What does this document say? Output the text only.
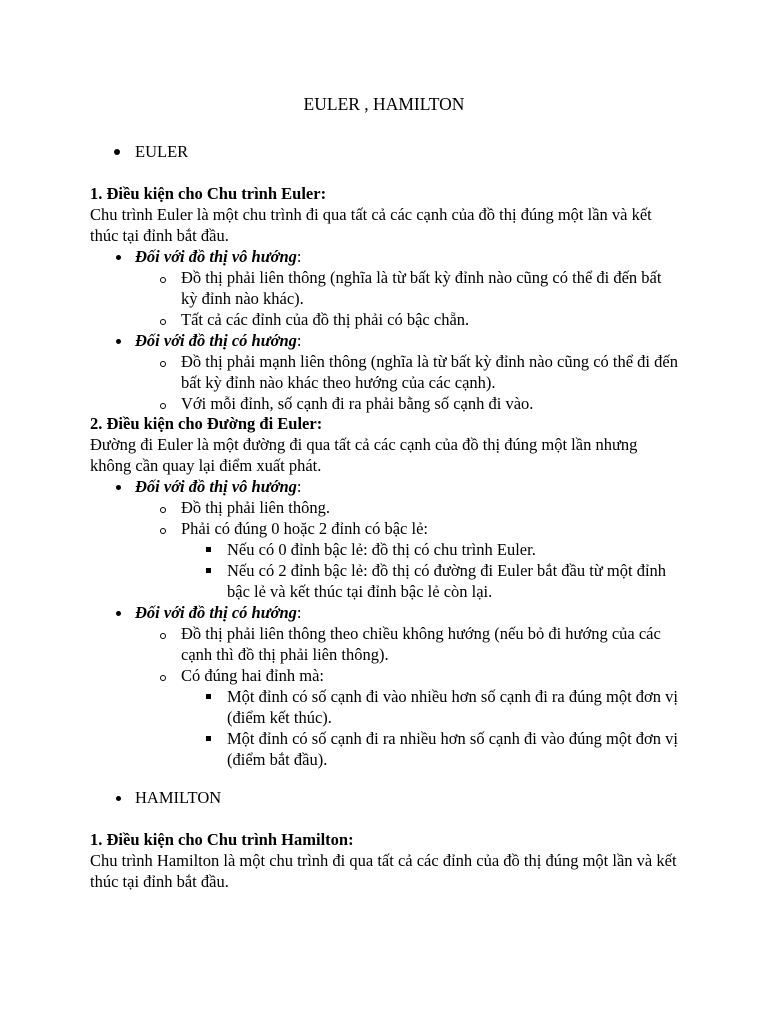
EULER , HAMILTON
EULER
1. Điều kiện cho Chu trình Euler:

Chu trình Euler là một chu trình đi qua tất cả các cạnh của đồ thị đúng một lần và kết thúc tại đỉnh bắt đầu.

Đối với đồ thị vô hướng:
Đồ thị phải liên thông (nghĩa là từ bất kỳ đỉnh nào cũng có thể đi đến bất kỳ đỉnh nào khác).
Tất cả các đỉnh của đồ thị phải có bậc chẵn.
Đối với đồ thị có hướng:
Đồ thị phải mạnh liên thông (nghĩa là từ bất kỳ đỉnh nào cũng có thể đi đến bất kỳ đỉnh nào khác theo hướng của các cạnh).
Với mỗi đỉnh, số cạnh đi ra phải bằng số cạnh đi vào.
2. Điều kiện cho Đường đi Euler:

Đường đi Euler là một đường đi qua tất cả các cạnh của đồ thị đúng một lần nhưng không cần quay lại điểm xuất phát.

Đối với đồ thị vô hướng:
Đồ thị phải liên thông.
Phải có đúng 0 hoặc 2 đỉnh có bậc lẻ:
Nếu có 0 đỉnh bậc lẻ: đồ thị có chu trình Euler.
Nếu có 2 đỉnh bậc lẻ: đồ thị có đường đi Euler bắt đầu từ một đỉnh bậc lẻ và kết thúc tại đỉnh bậc lẻ còn lại.
Đối với đồ thị có hướng:
Đồ thị phải liên thông theo chiều không hướng (nếu bỏ đi hướng của các cạnh thì đồ thị phải liên thông).
Có đúng hai đỉnh mà:
Một đỉnh có số cạnh đi vào nhiều hơn số cạnh đi ra đúng một đơn vị (điểm kết thúc).
Một đỉnh có số cạnh đi ra nhiều hơn số cạnh đi vào đúng một đơn vị (điểm bắt đầu).
HAMILTON
1. Điều kiện cho Chu trình Hamilton:

Chu trình Hamilton là một chu trình đi qua tất cả các đỉnh của đồ thị đúng một lần và kết thúc tại đỉnh bắt đầu.
